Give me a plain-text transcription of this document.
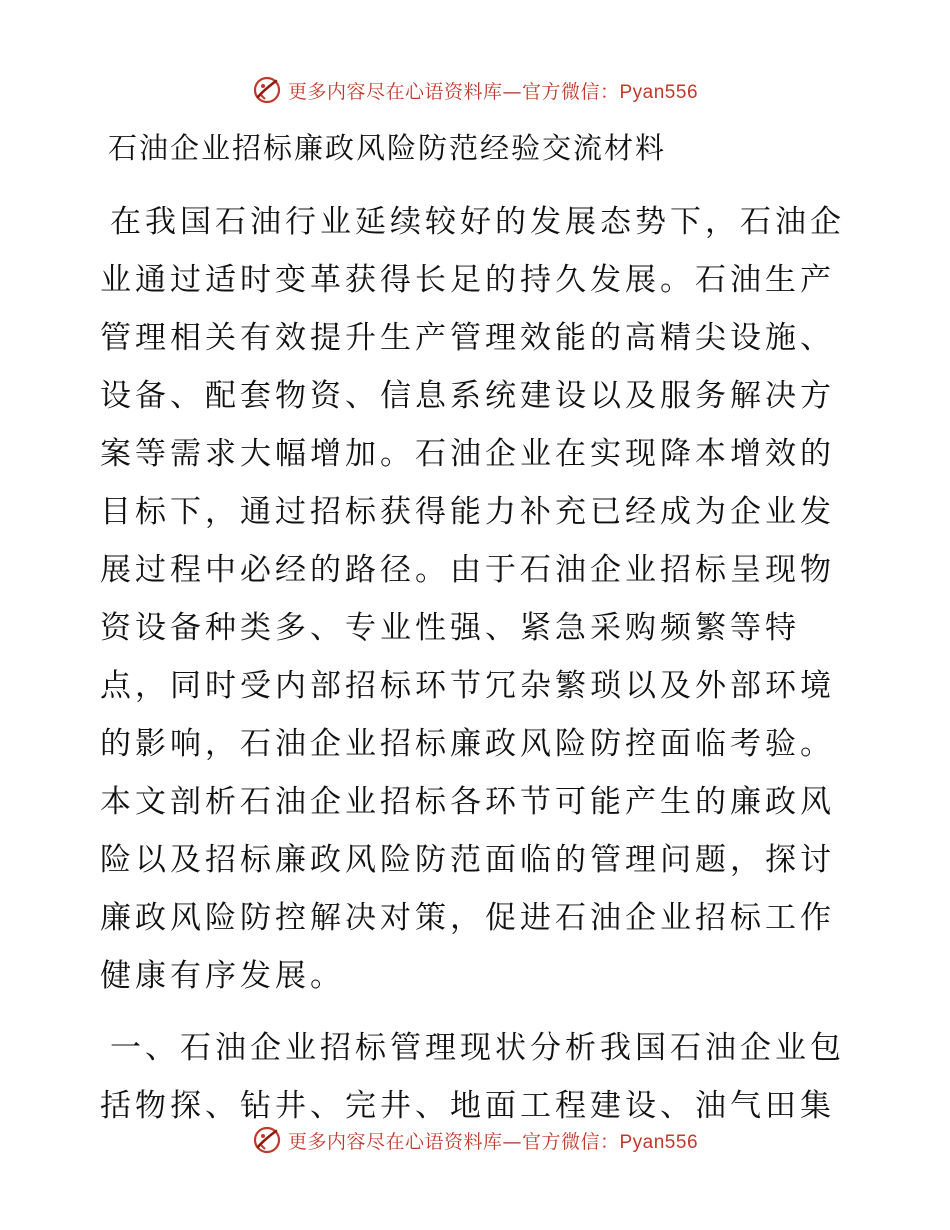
更多内容尽在心语资料库—官方微信：Pyan556
石油企业招标廉政风险防范经验交流材料

在我国石油行业延续较好的发展态势下，石油企业通过适时变革获得长足的持久发展。石油生产管理相关有效提升生产管理效能的高精尖设施、设备、配套物资、信息系统建设以及服务解决方案等需求大幅增加。石油企业在实现降本增效的目标下，通过招标获得能力补充已经成为企业发展过程中必经的路径。由于石油企业招标呈现物资设备种类多、专业性强、紧急采购频繁等特点，同时受内部招标环节冗杂繁琐以及外部环境的影响，石油企业招标廉政风险防控面临考验。本文剖析石油企业招标各环节可能产生的廉政风险以及招标廉政风险防范面临的管理问题，探讨廉政风险防控解决对策，促进石油企业招标工作健康有序发展。

一、石油企业招标管理现状分析我国石油企业包括物探、钻井、完井、地面工程建设、油气田集

更多内容尽在心语资料库—官方微信：Pyan556
